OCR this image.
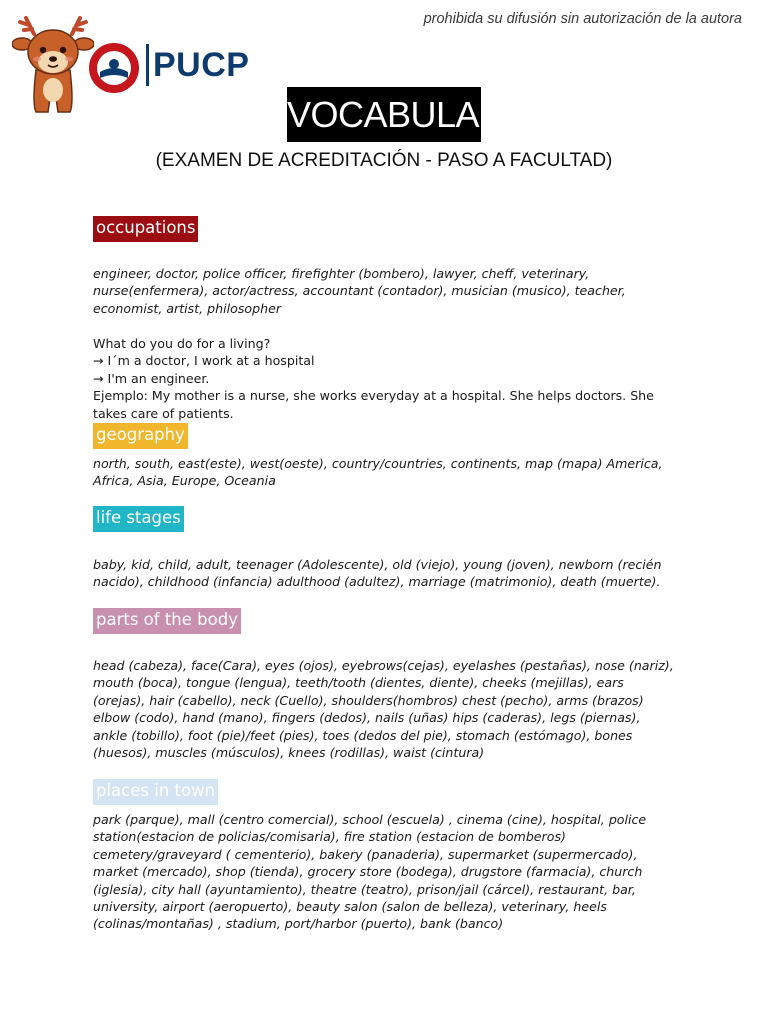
prohibida su difusión sin autorización de la autora
PUCP
VOCABULARY
(EXAMEN DE ACREDITACIÓN - PASO A FACULTAD)
occupations

engineer, doctor, police officer, firefighter (bombero), lawyer, cheff, veterinary, nurse(enfermera), actor/actress, accountant (contador), musician (musico), teacher, economist, artist, philosopher

What do you do for a living?
→ I´m a doctor, I work at a hospital
→ I'm an engineer.
Ejemplo: My mother is a nurse, she works everyday at a hospital. She helps doctors. She takes care of patients.
geography

north, south, east(este), west(oeste), country/countries, continents, map (mapa) America, Africa, Asia, Europe, Oceania

life stages

baby, kid, child, adult, teenager (Adolescente), old (viejo), young (joven), newborn (recién nacido), childhood (infancia) adulthood (adultez), marriage (matrimonio), death (muerte).

parts of the body

head (cabeza), face(Cara), eyes (ojos), eyebrows(cejas), eyelashes (pestañas), nose (nariz), mouth (boca), tongue (lengua), teeth/tooth (dientes, diente), cheeks (mejillas), ears (orejas), hair (cabello), neck (Cuello), shoulders(hombros) chest (pecho), arms (brazos) elbow (codo), hand (mano), fingers (dedos), nails (uñas) hips (caderas), legs (piernas), ankle (tobillo), foot (pie)/feet (pies), toes (dedos del pie), stomach (estómago), bones (huesos), muscles (músculos), knees (rodillas), waist (cintura)

places in town

park (parque), mall (centro comercial), school (escuela) , cinema (cine), hospital, police station(estacion de policias/comisaria), fire station (estacion de bomberos) cemetery/graveyard ( cementerio), bakery (panaderia), supermarket (supermercado), market (mercado), shop (tienda), grocery store (bodega), drugstore (farmacia), church (iglesia), city hall (ayuntamiento), theatre (teatro), prison/jail (cárcel), restaurant, bar, university, airport (aeropuerto), beauty salon (salon de belleza), veterinary, heels (colinas/montañas) , stadium, port/harbor (puerto), bank (banco)
